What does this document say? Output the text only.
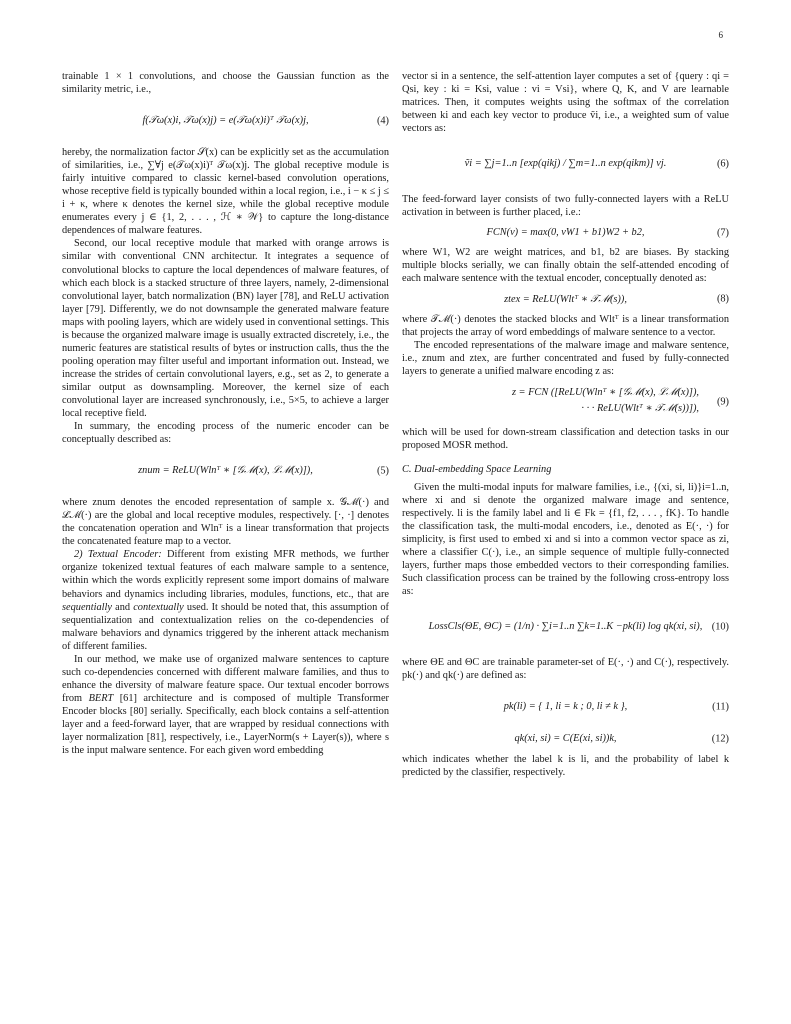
6

trainable 1 × 1 convolutions, and choose the Gaussian function as the similarity metric, i.e.,

f(𝒯ω(x)i, 𝒯ω(x)j) = e(𝒯ω(x)i)ᵀ 𝒯ω(x)j,	(4)

hereby, the normalization factor 𝒮(x) can be explicitly set as the accumulation of similarities, i.e., ∑∀j e(𝒯ω(x)i)ᵀ 𝒯ω(x)j. The global receptive module is fairly intuitive compared to classic kernel-based convolution operations, whose receptive field is typically bounded within a local region, i.e., i − κ ≤ j ≤ i + κ, where κ denotes the kernel size, while the global receptive module enumerates every j ∈ {1, 2, . . . , ℋ ∗ 𝒲} to capture the long-distance dependences of malware features.

Second, our local receptive module that marked with orange arrows is similar with conventional CNN architectur. It integrates a sequence of convolutional blocks to capture the local dependences of malware features, of which each block is a stacked structure of three layers, namely, 2-dimensional convolutional layer, batch normalization (BN) layer [78], and ReLU activation layer [79]. Differently, we do not downsample the generated malware feature maps with pooling layers, which are widely used in conventional settings. This is because the organized malware image is usually extracted discretely, i.e., the numeric features are statistical results of bytes or instruction calls, thus the the pooling operation may filter useful and important information out. Instead, we increase the strides of certain convolutional layers, e.g., set as 2, to generate a similar output as downsampling. Moreover, the kernel size of each convolutional layer are increased synchronously, i.e., 5×5, to achieve a larger local receptive field.

In summary, the encoding process of the numeric encoder can be conceptually described as:

znum = ReLU(Wlnᵀ ∗ [𝒢ℳ(x), ℒℳ(x)]),	(5)

where znum denotes the encoded representation of sample x. 𝒢ℳ(·) and ℒℳ(·) are the global and local receptive modules, respectively. [·, ·] denotes the concatenation operation and Wlnᵀ is a linear transformation that projects the concatenated feature map to a vector.

2) Textual Encoder: Different from existing MFR methods, we further organize tokenized textual features of each malware sample to a sentence, within which the words explicitly represent some import domains of malware behaviors and dynamics including libraries, modules, functions, etc., that are sequentially and contextually used. It should be noted that, this assumption of sequentialization and contextualization relies on the co-dependencies of malware behaviors and dynamics triggered by the inherent attack mechanism of different families.

In our method, we make use of organized malware sentences to capture such co-dependencies concerned with different malware families, and thus to enhance the diversity of malware feature space. Our textual encoder borrows from BERT [61] architecture and is composed of multiple Transformer Encoder blocks [80] serially. Specifically, each block contains a self-attention layer and a feed-forward layer, that are wrapped by residual connections with layer normalization [81], respectively, i.e., LayerNorm(s + Layer(s)), where s is the input malware sentence. For each given word embedding

vector si in a sentence, the self-attention layer computes a set of {query : qi = Qsi, key : ki = Ksi, value : vi = Vsi}, where Q, K, and V are learnable matrices. Then, it computes weights using the softmax of the correlation between ki and each key vector to produce ṽi, i.e., a weighted sum of value vectors as:

ṽi = ∑j=1..n [exp(qikj) / ∑m=1..n exp(qikm)] vj.	(6)

The feed-forward layer consists of two fully-connected layers with a ReLU activation in between is further placed, i.e.:

FCN(v) = max(0, vW1 + b1)W2 + b2,	(7)

where W1, W2 are weight matrices, and b1, b2 are biases. By stacking multiple blocks serially, we can finally obtain the self-attended encoding of each malware sentence with the textual encoder, conceptually denoted as:

ztex = ReLU(Wltᵀ ∗ 𝒯ℳ(s)),	(8)

where 𝒯ℳ(·) denotes the stacked blocks and Wltᵀ is a linear transformation that projects the array of word embeddings of malware sentence to a vector.

The encoded representations of the malware image and malware sentence, i.e., znum and ztex, are further concentrated and fused by fully-connected layers to generate a unified malware encoding z as:

z = FCN ([ReLU(Wlnᵀ ∗ [𝒢ℳ(x), ℒℳ(x)]),
· · · ReLU(Wltᵀ ∗ 𝒯ℳ(s))]),
(9)

which will be used for down-stream classification and detection tasks in our proposed MOSR method.

C. Dual-embedding Space Learning

Given the multi-modal inputs for malware families, i.e., {(xi, si, li)}i=1..n, where xi and si denote the organized malware image and sentence, respectively. li is the family label and li ∈ Fk = {f1, f2, . . . , fK}. To handle the classification task, the multi-modal encoders, i.e., denoted as E(·, ·) for simplicity, is first used to embed xi and si into a common vector space as zi, where a classifier C(·), i.e., an simple sequence of multiple fully-connected layers, further maps those embedded vectors to their corresponding families. Such classification process can be trained by the following cross-entropy loss as:

LossCls(ΘE, ΘC) = (1/n) · ∑i=1..n ∑k=1..K −pk(li) log qk(xi, si), (10)

where ΘE and ΘC are trainable parameter-set of E(·, ·) and C(·), respectively. pk(·) and qk(·) are defined as:

pk(li) = { 1, li = k ; 0, li ≠ k },	(11)
qk(xi, si) = C(E(xi, si))k,	(12)

which indicates whether the label k is li, and the probability of label k predicted by the classifier, respectively.
